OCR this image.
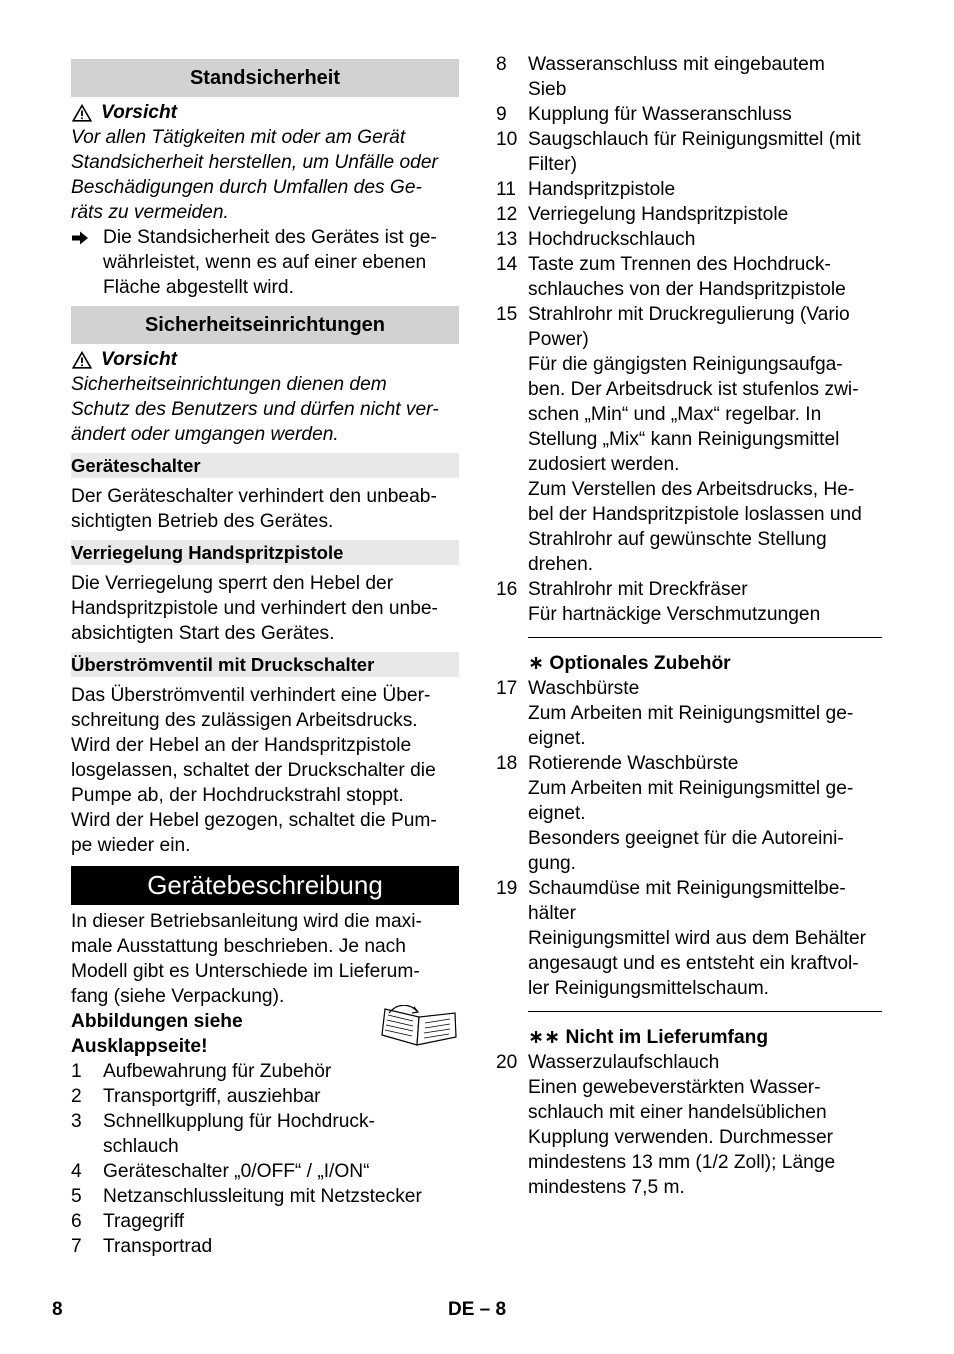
Standsicherheit
Vorsicht

Vor allen Tätigkeiten mit oder am Gerät
Standsicherheit herstellen, um Unfälle oder
Beschädigungen durch Umfallen des Ge-
räts zu vermeiden.

Die Standsicherheit des Gerätes ist ge-
währleistet, wenn es auf einer ebenen
Fläche abgestellt wird.

Sicherheitseinrichtungen
Vorsicht

Sicherheitseinrichtungen dienen dem
Schutz des Benutzers und dürfen nicht ver-
ändert oder umgangen werden.

Geräteschalter

Der Geräteschalter verhindert den unbeab-
sichtigten Betrieb des Gerätes.

Verriegelung Handspritzpistole

Die Verriegelung sperrt den Hebel der
Handspritzpistole und verhindert den unbe-
absichtigten Start des Gerätes.

Überströmventil mit Druckschalter

Das Überströmventil verhindert eine Über-
schreitung des zulässigen Arbeitsdrucks.
Wird der Hebel an der Handspritzpistole
losgelassen, schaltet der Druckschalter die
Pumpe ab, der Hochdruckstrahl stoppt.
Wird der Hebel gezogen, schaltet die Pum-
pe wieder ein.

Gerätebeschreibung

In dieser Betriebsanleitung wird die maxi-
male Ausstattung beschrieben. Je nach
Modell gibt es Unterschiede im Lieferum-
fang (siehe Verpackung).

Abbildungen siehe
Ausklappseite!

1	Aufbewahrung für Zubehör
2	Transportgriff, ausziehbar
3	Schnellkupplung für Hochdruck-
schlauch
4	Geräteschalter „0/OFF“ / „I/ON“
5	Netzanschlussleitung mit Netzstecker
6	Tragegriff
7	Transportrad
8	Wasseranschluss mit eingebautem
Sieb
9	Kupplung für Wasseranschluss
10 Saugschlauch für Reinigungsmittel (mit
Filter)
11 Handspritzpistole
12 Verriegelung Handspritzpistole
13 Hochdruckschlauch
14 Taste zum Trennen des Hochdruck-
schlauches von der Handspritzpistole
15 Strahlrohr mit Druckregulierung (Vario
Power)
Für die gängigsten Reinigungsaufga-
ben. Der Arbeitsdruck ist stufenlos zwi-
schen „Min“ und „Max“ regelbar. In
Stellung „Mix“ kann Reinigungsmittel
zudosiert werden.
Zum Verstellen des Arbeitsdrucks, He-
bel der Handspritzpistole loslassen und
Strahlrohr auf gewünschte Stellung
drehen.
16 Strahlrohr mit Dreckfräser
Für hartnäckige Verschmutzungen
∗ Optionales Zubehör
17 Waschbürste
Zum Arbeiten mit Reinigungsmittel ge-
eignet.
18 Rotierende Waschbürste
Zum Arbeiten mit Reinigungsmittel ge-
eignet.
Besonders geeignet für die Autoreini-
gung.
19 Schaumdüse mit Reinigungsmittelbe-
hälter
Reinigungsmittel wird aus dem Behälter
angesaugt und es entsteht ein kraftvol-
ler Reinigungsmittelschaum.
∗∗ Nicht im Lieferumfang
20 Wasserzulaufschlauch
Einen gewebeverstärkten Wasser-
schlauch mit einer handelsüblichen
Kupplung verwenden. Durchmesser
mindestens 13 mm (1/2 Zoll); Länge
mindestens 7,5 m.
8	DE – 8
